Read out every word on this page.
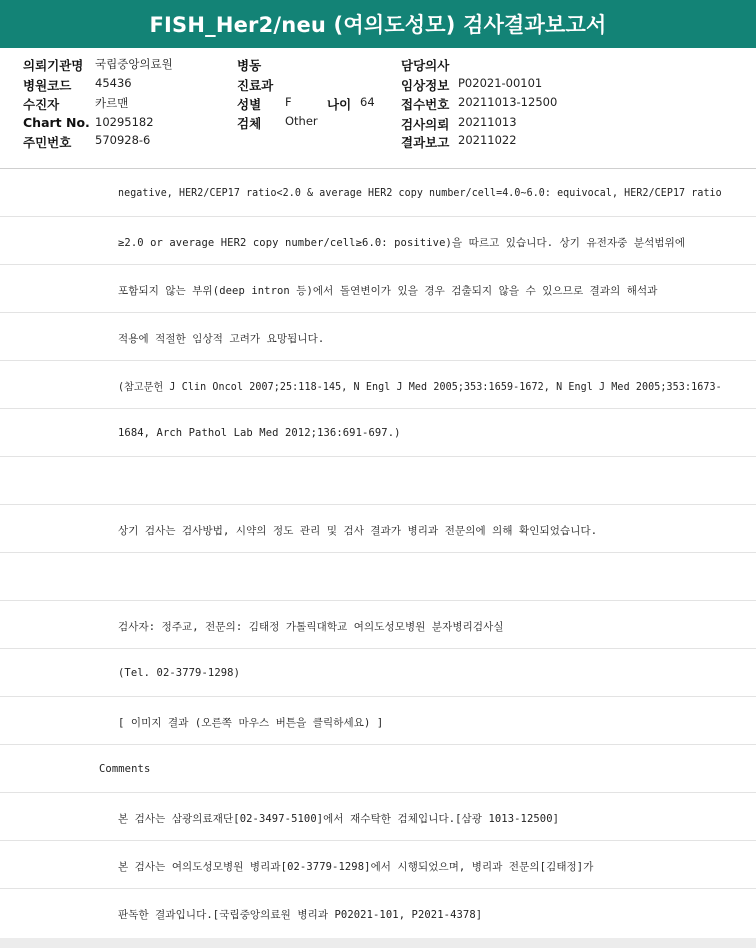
FISH_Her2/neu (여의도성모) 검사결과보고서
의뢰기관명 국립중앙의료원
병원코드 45436
수진자	카르맨
Chart No. 10295182
주민번호 570928-6
병동
진료과
성별 F	나이 64
검체 Other
담당의사
임상정보 P02021-00101
접수번호 20211013-12500
검사의뢰 20211013
결과보고 20211022
negative, HER2/CEP17 ratio<2.0 & average HER2 copy number/cell=4.0~6.0: equivocal, HER2/CEP17 ratio
≥2.0 or average HER2 copy number/cell≥6.0: positive)을 따르고 있습니다. 상기 유전자중 분석범위에
포함되지 않는 부위(deep intron 등)에서 돌연변이가 있을 경우 검출되지 않을 수 있으므로 결과의 해석과
적용에 적절한 임상적 고려가 요망됩니다.
(참고문헌 J Clin Oncol 2007;25:118-145, N Engl J Med 2005;353:1659-1672, N Engl J Med 2005;353:1673-
1684, Arch Pathol Lab Med 2012;136:691-697.)
상기 검사는 검사방법, 시약의 정도 관리 및 검사 결과가 병리과 전문의에 의해 확인되었습니다.
검사자: 정주교, 전문의: 김태정 가톨릭대학교 여의도성모병원 분자병리검사실
(Tel. 02-3779-1298)
[ 이미지 결과 (오른쪽 마우스 버튼을 클릭하세요) ]
Comments
본 검사는 삼광의료재단[02-3497-5100]에서 재수탁한 검체입니다.[삼광 1013-12500]
본 검사는 여의도성모병원 병리과[02-3779-1298]에서 시행되었으며, 병리과 전문의[김태정]가
판독한 결과입니다.[국립중앙의료원 병리과 P02021-101, P2021-4378]
